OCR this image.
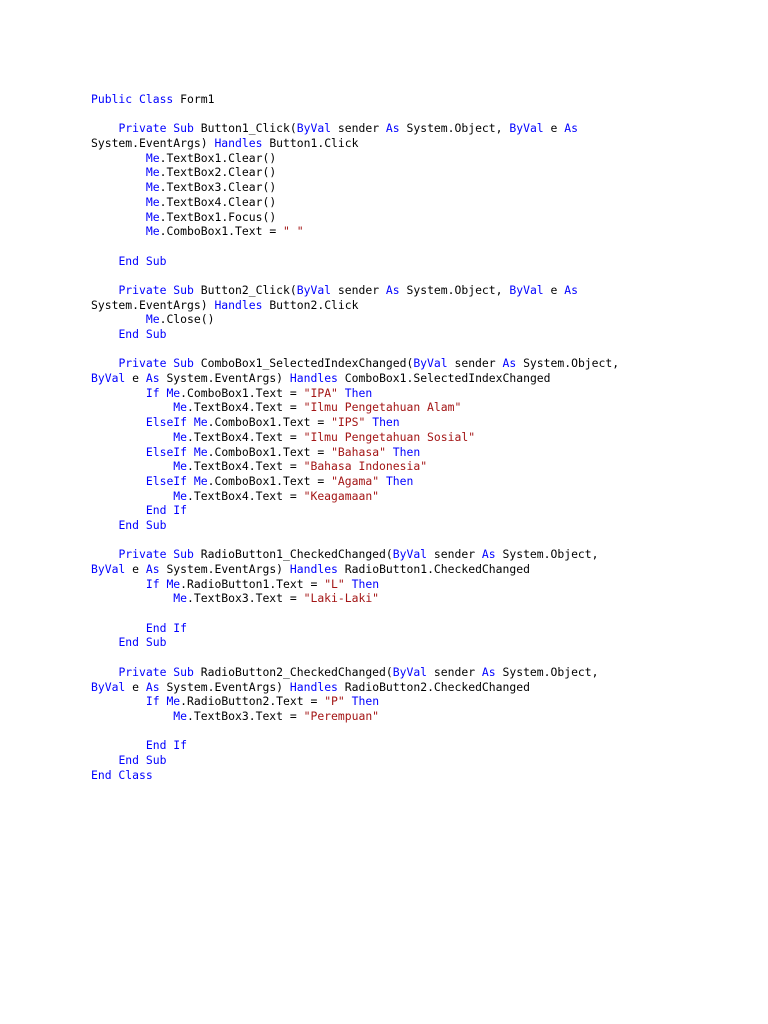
Public Class Form1
Private Sub Button1_Click(ByVal sender As System.Object, ByVal e As
System.EventArgs) Handles Button1.Click
Me.TextBox1.Clear()
Me.TextBox2.Clear()
Me.TextBox3.Clear()
Me.TextBox4.Clear()
Me.TextBox1.Focus()
Me.ComboBox1.Text = " "
End Sub
Private Sub Button2_Click(ByVal sender As System.Object, ByVal e As
System.EventArgs) Handles Button2.Click
Me.Close()
End Sub
Private Sub ComboBox1_SelectedIndexChanged(ByVal sender As System.Object,
ByVal e As System.EventArgs) Handles ComboBox1.SelectedIndexChanged
If Me.ComboBox1.Text = "IPA" Then
Me.TextBox4.Text = "Ilmu Pengetahuan Alam"
ElseIf Me.ComboBox1.Text = "IPS" Then
Me.TextBox4.Text = "Ilmu Pengetahuan Sosial"
ElseIf Me.ComboBox1.Text = "Bahasa" Then
Me.TextBox4.Text = "Bahasa Indonesia"
ElseIf Me.ComboBox1.Text = "Agama" Then
Me.TextBox4.Text = "Keagamaan"
End If
End Sub
Private Sub RadioButton1_CheckedChanged(ByVal sender As System.Object,
ByVal e As System.EventArgs) Handles RadioButton1.CheckedChanged
If Me.RadioButton1.Text = "L" Then
Me.TextBox3.Text = "Laki-Laki"
End If
End Sub
Private Sub RadioButton2_CheckedChanged(ByVal sender As System.Object,
ByVal e As System.EventArgs) Handles RadioButton2.CheckedChanged
If Me.RadioButton2.Text = "P" Then
Me.TextBox3.Text = "Perempuan"
End If
End Sub
End Class
